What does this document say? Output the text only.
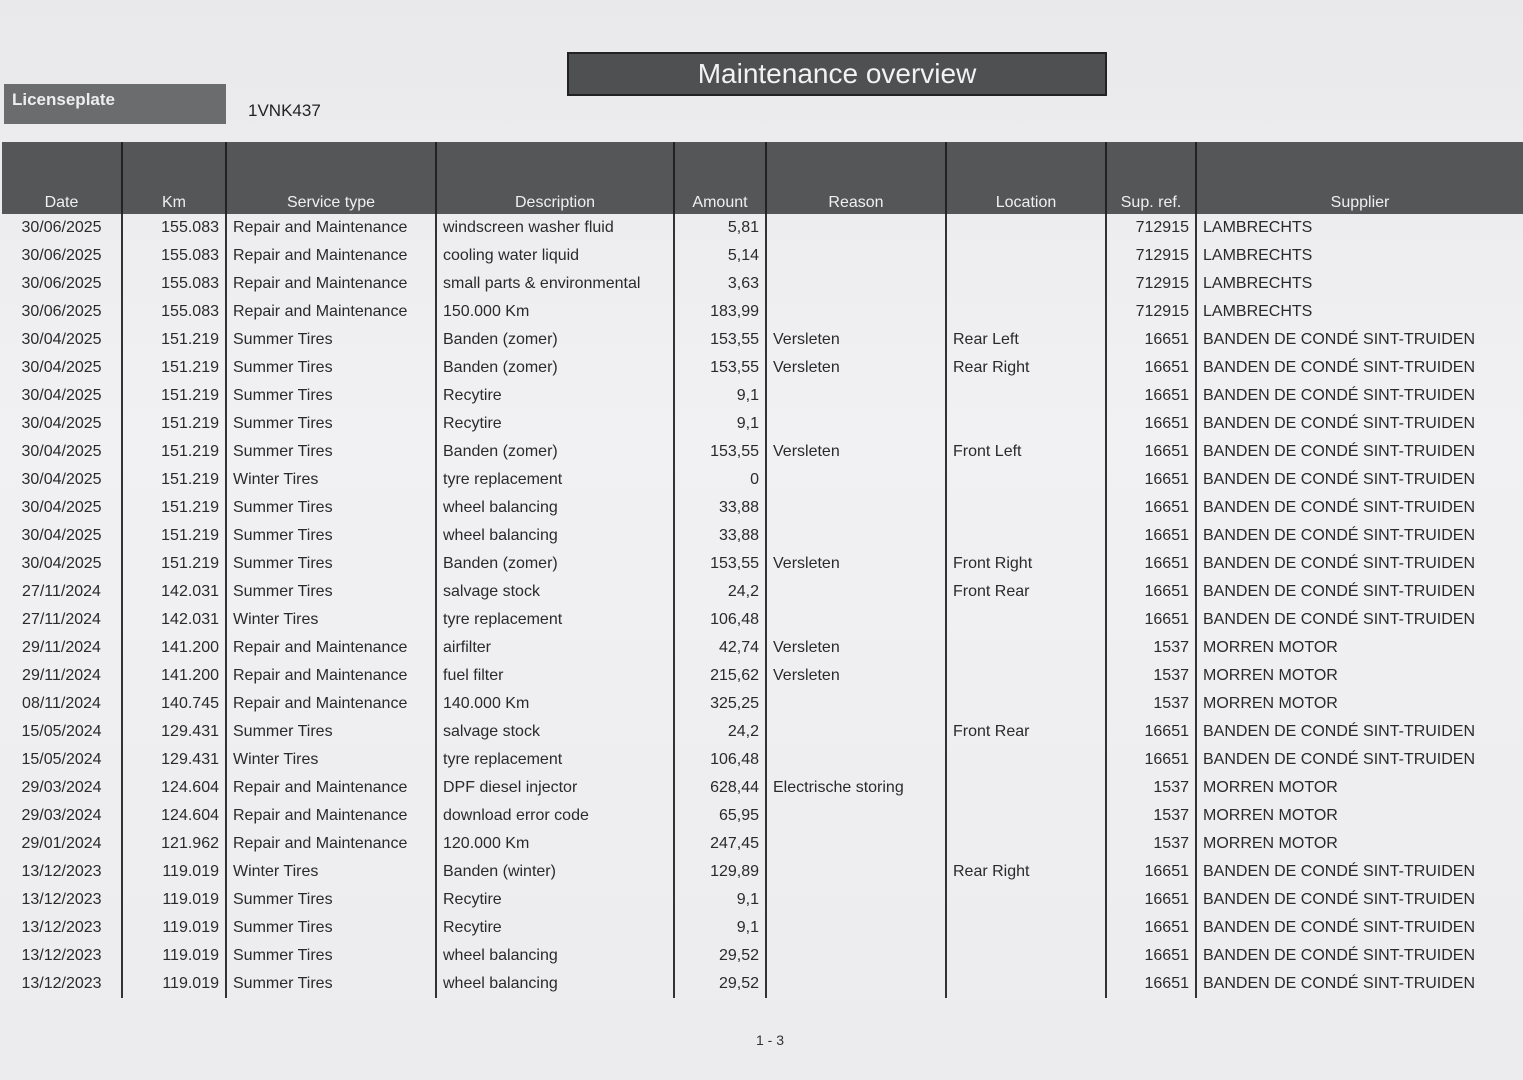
Maintenance overview
Licenseplate
1VNK437
Date	Km	Service type	Description	Amount	Reason	Location	Sup. ref.	Supplier
30/06/2025	155.083	Repair and Maintenance	windscreen washer fluid	5,81			712915	LAMBRECHTS
30/06/2025	155.083	Repair and Maintenance	cooling water liquid	5,14			712915	LAMBRECHTS
30/06/2025	155.083	Repair and Maintenance	small parts & environmental	3,63			712915	LAMBRECHTS
30/06/2025	155.083	Repair and Maintenance	150.000 Km	183,99			712915	LAMBRECHTS
30/04/2025	151.219	Summer Tires	Banden (zomer)	153,55	Versleten	Rear Left	16651	BANDEN DE CONDÉ SINT-TRUIDEN
30/04/2025	151.219	Summer Tires	Banden (zomer)	153,55	Versleten	Rear Right	16651	BANDEN DE CONDÉ SINT-TRUIDEN
30/04/2025	151.219	Summer Tires	Recytire	9,1			16651	BANDEN DE CONDÉ SINT-TRUIDEN
30/04/2025	151.219	Summer Tires	Recytire	9,1			16651	BANDEN DE CONDÉ SINT-TRUIDEN
30/04/2025	151.219	Summer Tires	Banden (zomer)	153,55	Versleten	Front Left	16651	BANDEN DE CONDÉ SINT-TRUIDEN
30/04/2025	151.219	Winter Tires	tyre replacement	0			16651	BANDEN DE CONDÉ SINT-TRUIDEN
30/04/2025	151.219	Summer Tires	wheel balancing	33,88			16651	BANDEN DE CONDÉ SINT-TRUIDEN
30/04/2025	151.219	Summer Tires	wheel balancing	33,88			16651	BANDEN DE CONDÉ SINT-TRUIDEN
30/04/2025	151.219	Summer Tires	Banden (zomer)	153,55	Versleten	Front Right	16651	BANDEN DE CONDÉ SINT-TRUIDEN
27/11/2024	142.031	Summer Tires	salvage stock	24,2		Front Rear	16651	BANDEN DE CONDÉ SINT-TRUIDEN
27/11/2024	142.031	Winter Tires	tyre replacement	106,48			16651	BANDEN DE CONDÉ SINT-TRUIDEN
29/11/2024	141.200	Repair and Maintenance	airfilter	42,74	Versleten		1537	MORREN MOTOR
29/11/2024	141.200	Repair and Maintenance	fuel filter	215,62	Versleten		1537	MORREN MOTOR
08/11/2024	140.745	Repair and Maintenance	140.000 Km	325,25			1537	MORREN MOTOR
15/05/2024	129.431	Summer Tires	salvage stock	24,2		Front Rear	16651	BANDEN DE CONDÉ SINT-TRUIDEN
15/05/2024	129.431	Winter Tires	tyre replacement	106,48			16651	BANDEN DE CONDÉ SINT-TRUIDEN
29/03/2024	124.604	Repair and Maintenance	DPF diesel injector	628,44	Electrische storing		1537	MORREN MOTOR
29/03/2024	124.604	Repair and Maintenance	download error code	65,95			1537	MORREN MOTOR
29/01/2024	121.962	Repair and Maintenance	120.000 Km	247,45			1537	MORREN MOTOR
13/12/2023	119.019	Winter Tires	Banden (winter)	129,89		Rear Right	16651	BANDEN DE CONDÉ SINT-TRUIDEN
13/12/2023	119.019	Summer Tires	Recytire	9,1			16651	BANDEN DE CONDÉ SINT-TRUIDEN
13/12/2023	119.019	Summer Tires	Recytire	9,1			16651	BANDEN DE CONDÉ SINT-TRUIDEN
13/12/2023	119.019	Summer Tires	wheel balancing	29,52			16651	BANDEN DE CONDÉ SINT-TRUIDEN
13/12/2023	119.019	Summer Tires	wheel balancing	29,52			16651	BANDEN DE CONDÉ SINT-TRUIDEN
1 - 3
